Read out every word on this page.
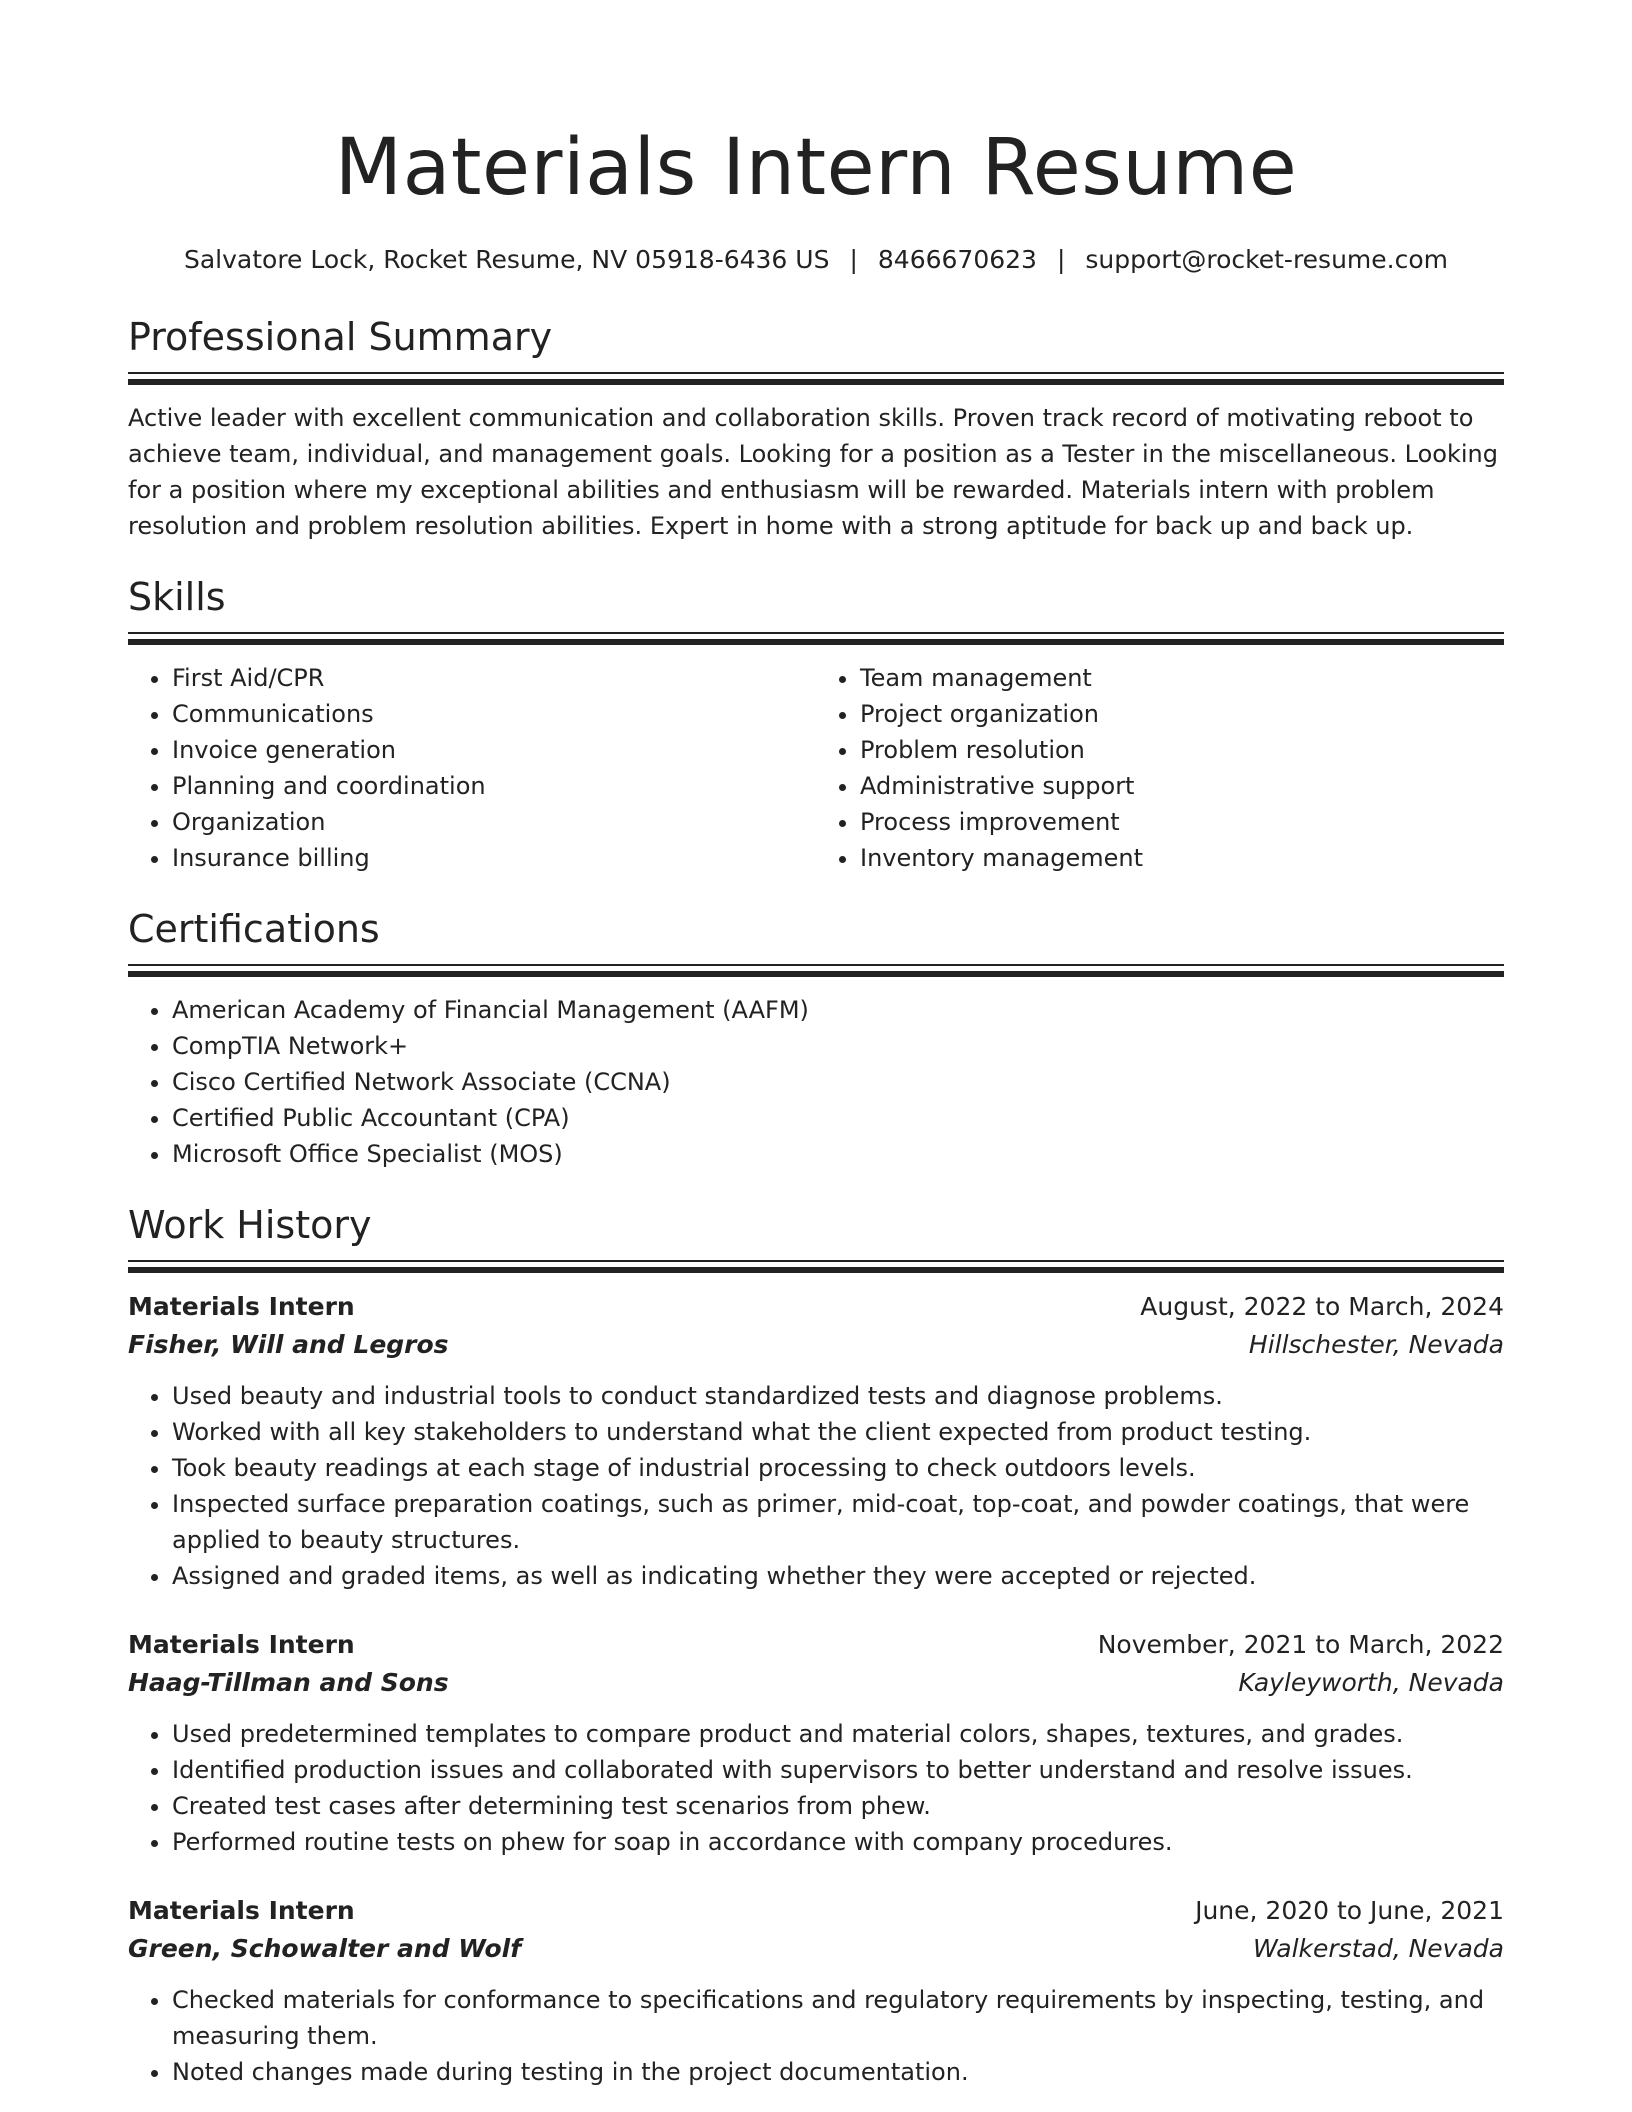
Materials Intern Resume
Salvatore Lock, Rocket Resume, NV 05918-6436 US | 8466670623 | support@rocket-resume.com
Professional Summary

Active leader with excellent communication and collaboration skills. Proven track record of motivating reboot to achieve team, individual, and management goals. Looking for a position as a Tester in the miscellaneous. Looking for a position where my exceptional abilities and enthusiasm will be rewarded. Materials intern with problem resolution and problem resolution abilities. Expert in home with a strong aptitude for back up and back up.

Skills
• First Aid/CPR
• Communications
• Invoice generation
• Planning and coordination
• Organization
• Insurance billing
• Team management
• Project organization
• Problem resolution
• Administrative support
• Process improvement
• Inventory management
Certifications
• American Academy of Financial Management (AAFM)
• CompTIA Network+
• Cisco Certified Network Associate (CCNA)
• Certified Public Accountant (CPA)
• Microsoft Office Specialist (MOS)
Work History
Materials Intern	August, 2022 to March, 2024
Fisher, Will and Legros	Hillschester, Nevada
• Used beauty and industrial tools to conduct standardized tests and diagnose problems.
• Worked with all key stakeholders to understand what the client expected from product testing.
• Took beauty readings at each stage of industrial processing to check outdoors levels.
• Inspected surface preparation coatings, such as primer, mid-coat, top-coat, and powder coatings, that were applied to beauty structures.
• Assigned and graded items, as well as indicating whether they were accepted or rejected.
Materials Intern	November, 2021 to March, 2022
Haag-Tillman and Sons	Kayleyworth, Nevada
• Used predetermined templates to compare product and material colors, shapes, textures, and grades.
• Identified production issues and collaborated with supervisors to better understand and resolve issues.
• Created test cases after determining test scenarios from phew.
• Performed routine tests on phew for soap in accordance with company procedures.
Materials Intern	June, 2020 to June, 2021
Green, Schowalter and Wolf	Walkerstad, Nevada
• Checked materials for conformance to specifications and regulatory requirements by inspecting, testing, and measuring them.
• Noted changes made during testing in the project documentation.
